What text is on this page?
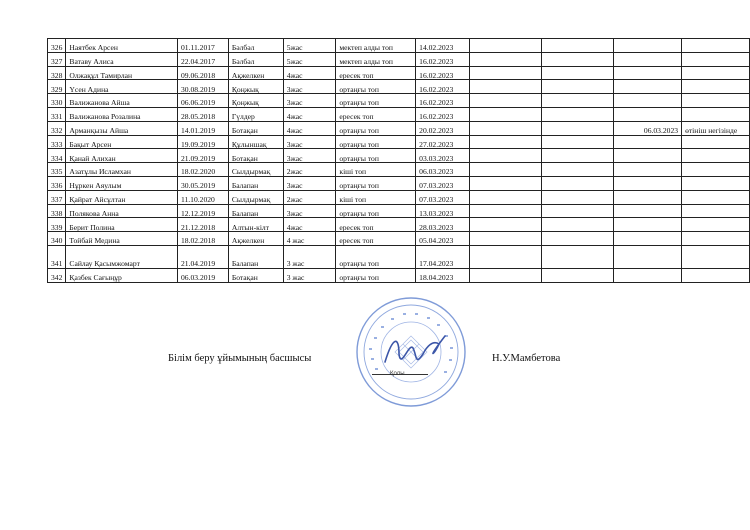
326	Наятбек Арсен	01.11.2017	Бәлбәл	5жас	мектеп алды топ	14.02.2023				
327	Ватаву Алиса	22.04.2017	Бәлбәл	5жас	мектеп алды топ	16.02.2023				
328	Олжақұл Тамирлан	09.06.2018	Ақжелкен	4жас	ересек топ	16.02.2023				
329	Үсен Адина	30.08.2019	Қоңжық	3жас	ортаңғы топ	16.02.2023				
330	Валижанова Айша	06.06.2019	Қоңжық	3жас	ортаңғы топ	16.02.2023				
331	Валижанова Розалина	28.05.2018	Гүлдер	4жас	ересек топ	16.02.2023				
332	Арманқызы Айша	14.01.2019	Ботақан	4жас	ортаңғы топ	20.02.2023			06.03.2023	өтініш негізінде
333	Бақыт Арсен	19.09.2019	Құлыншақ	3жас	ортаңғы топ	27.02.2023				
334	Қанай Алихан	21.09.2019	Ботақан	3жас	ортаңғы топ	03.03.2023				
335	Азатұлы Исламхан	18.02.2020	Сылдырмақ	2жас	кіші топ	06.03.2023				
336	Нұркен Аяулым	30.05.2019	Балапан	3жас	ортаңғы топ	07.03.2023				
337	Қайрат Айсұлтан	11.10.2020	Сылдырмақ	2жас	кіші топ	07.03.2023				
338	Полякова Анна	12.12.2019	Балапан	3жас	ортаңғы топ	13.03.2023				
339	Берит Полина	21.12.2018	Алтын-кілт	4жас	ересек топ	28.03.2023				
340	Тойбай Медина	18.02.2018	Ақжелкен	4 жас	ересек топ	05.04.2023				
341	Сайлау Қасымжомарт	21.04.2019	Балапан	3 жас	ортаңғы топ	17.04.2023				
342	Қазбек Сағыңұр	06.03.2019	Ботақан	3 жас	ортаңғы топ	18.04.2023				
Қолы
Білім беру ұйымының басшысы	Н.У.Мамбетова
